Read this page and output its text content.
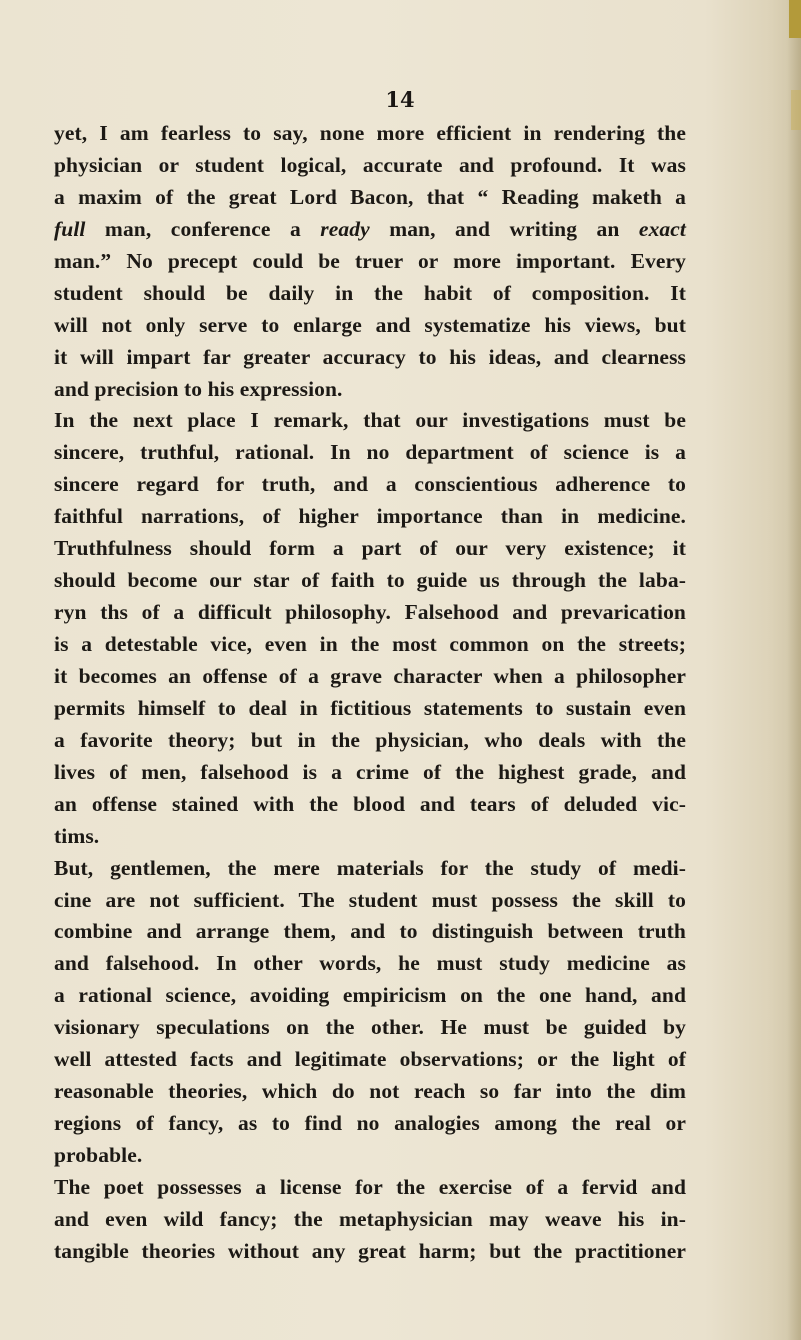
14
yet, I am fearless to say, none more efficient in rendering the
physician or student logical, accurate and profound. It was
a maxim of the great Lord Bacon, that “ Reading maketh a
full man, conference a ready man, and writing an exact
man.” No precept could be truer or more important. Every
student should be daily in the habit of composition. It
will not only serve to enlarge and systematize his views, but
it will impart far greater accuracy to his ideas, and clearness
and precision to his expression.
In the next place I remark, that our investigations must be
sincere, truthful, rational. In no department of science is a
sincere regard for truth, and a conscientious adherence to
faithful narrations, of higher importance than in medicine.
Truthfulness should form a part of our very existence; it
should become our star of faith to guide us through the laba-
ryn ths of a difficult philosophy. Falsehood and prevarication
is a detestable vice, even in the most common on the streets;
it becomes an offense of a grave character when a philosopher
permits himself to deal in fictitious statements to sustain even
a favorite theory; but in the physician, who deals with the
lives of men, falsehood is a crime of the highest grade, and
an offense stained with the blood and tears of deluded vic-
tims.
But, gentlemen, the mere materials for the study of medi-
cine are not sufficient. The student must possess the skill to
combine and arrange them, and to distinguish between truth
and falsehood. In other words, he must study medicine as
a rational science, avoiding empiricism on the one hand, and
visionary speculations on the other. He must be guided by
well attested facts and legitimate observations; or the light of
reasonable theories, which do not reach so far into the dim
regions of fancy, as to find no analogies among the real or
probable.
The poet possesses a license for the exercise of a fervid and
and even wild fancy; the metaphysician may weave his in-
tangible theories without any great harm; but the practitioner
